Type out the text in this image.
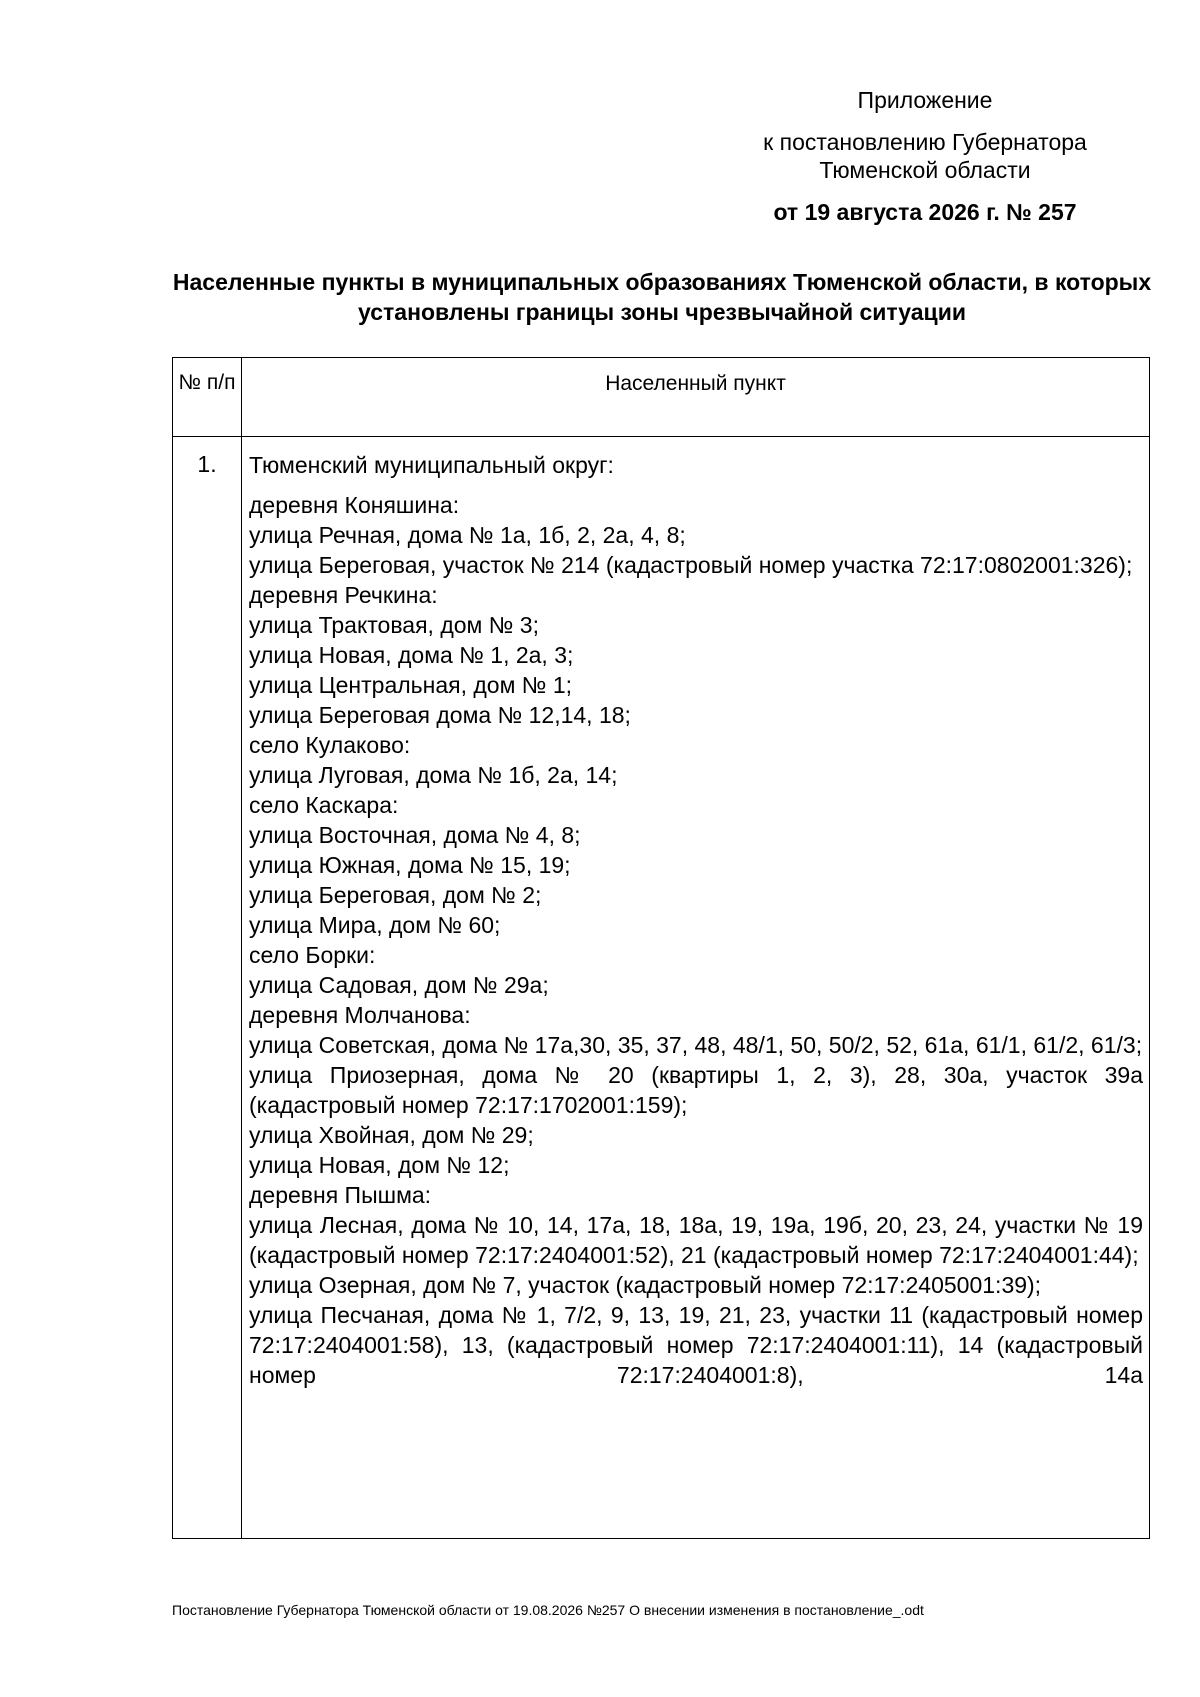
Приложение
к постановлению Губернатора Тюменской области
от 19 августа 2026 г. № 257
Населенные пункты в муниципальных образованиях Тюменской области, в которых установлены границы зоны чрезвычайной ситуации
№ п/п	Населенный пункт
1.	Тюменский муниципальный округ:
деревня Коняшина:
улица Речная, дома № 1а, 1б, 2, 2а, 4, 8;
улица Береговая, участок № 214 (кадастровый номер участка 72:17:0802001:326);
деревня Речкина:
улица Трактовая, дом № 3;
улица Новая, дома № 1, 2а, 3;
улица Центральная, дом № 1;
улица Береговая дома № 12,14, 18;
село Кулаково:
улица Луговая, дома № 1б, 2а, 14;
село Каскара:
улица Восточная, дома № 4, 8;
улица Южная, дома № 15, 19;
улица Береговая, дом № 2;
улица Мира, дом № 60;
село Борки:
улица Садовая, дом № 29а;
деревня Молчанова:
улица Советская, дома № 17а,30, 35, 37, 48, 48/1, 50, 50/2, 52, 61а, 61/1, 61/2, 61/3;
улица Приозерная, дома № 20 (квартиры 1, 2, 3), 28, 30а, участок 39а (кадастровый номер 72:17:1702001:159);
улица Хвойная, дом № 29;
улица Новая, дом № 12;
деревня Пышма:
улица Лесная, дома № 10, 14, 17а, 18, 18а, 19, 19а, 19б, 20, 23, 24, участки № 19 (кадастровый номер 72:17:2404001:52), 21 (кадастровый номер 72:17:2404001:44);
улица Озерная, дом № 7, участок (кадастровый номер 72:17:2405001:39);
улица Песчаная, дома № 1, 7/2, 9, 13, 19, 21, 23, участки 11 (кадастровый номер 72:17:2404001:58), 13, (кадастровый номер 72:17:2404001:11), 14 (кадастровый номер 72:17:2404001:8), 14а
Постановление Губернатора Тюменской области от 19.08.2026 №257 О внесении изменения в постановление_.odt
